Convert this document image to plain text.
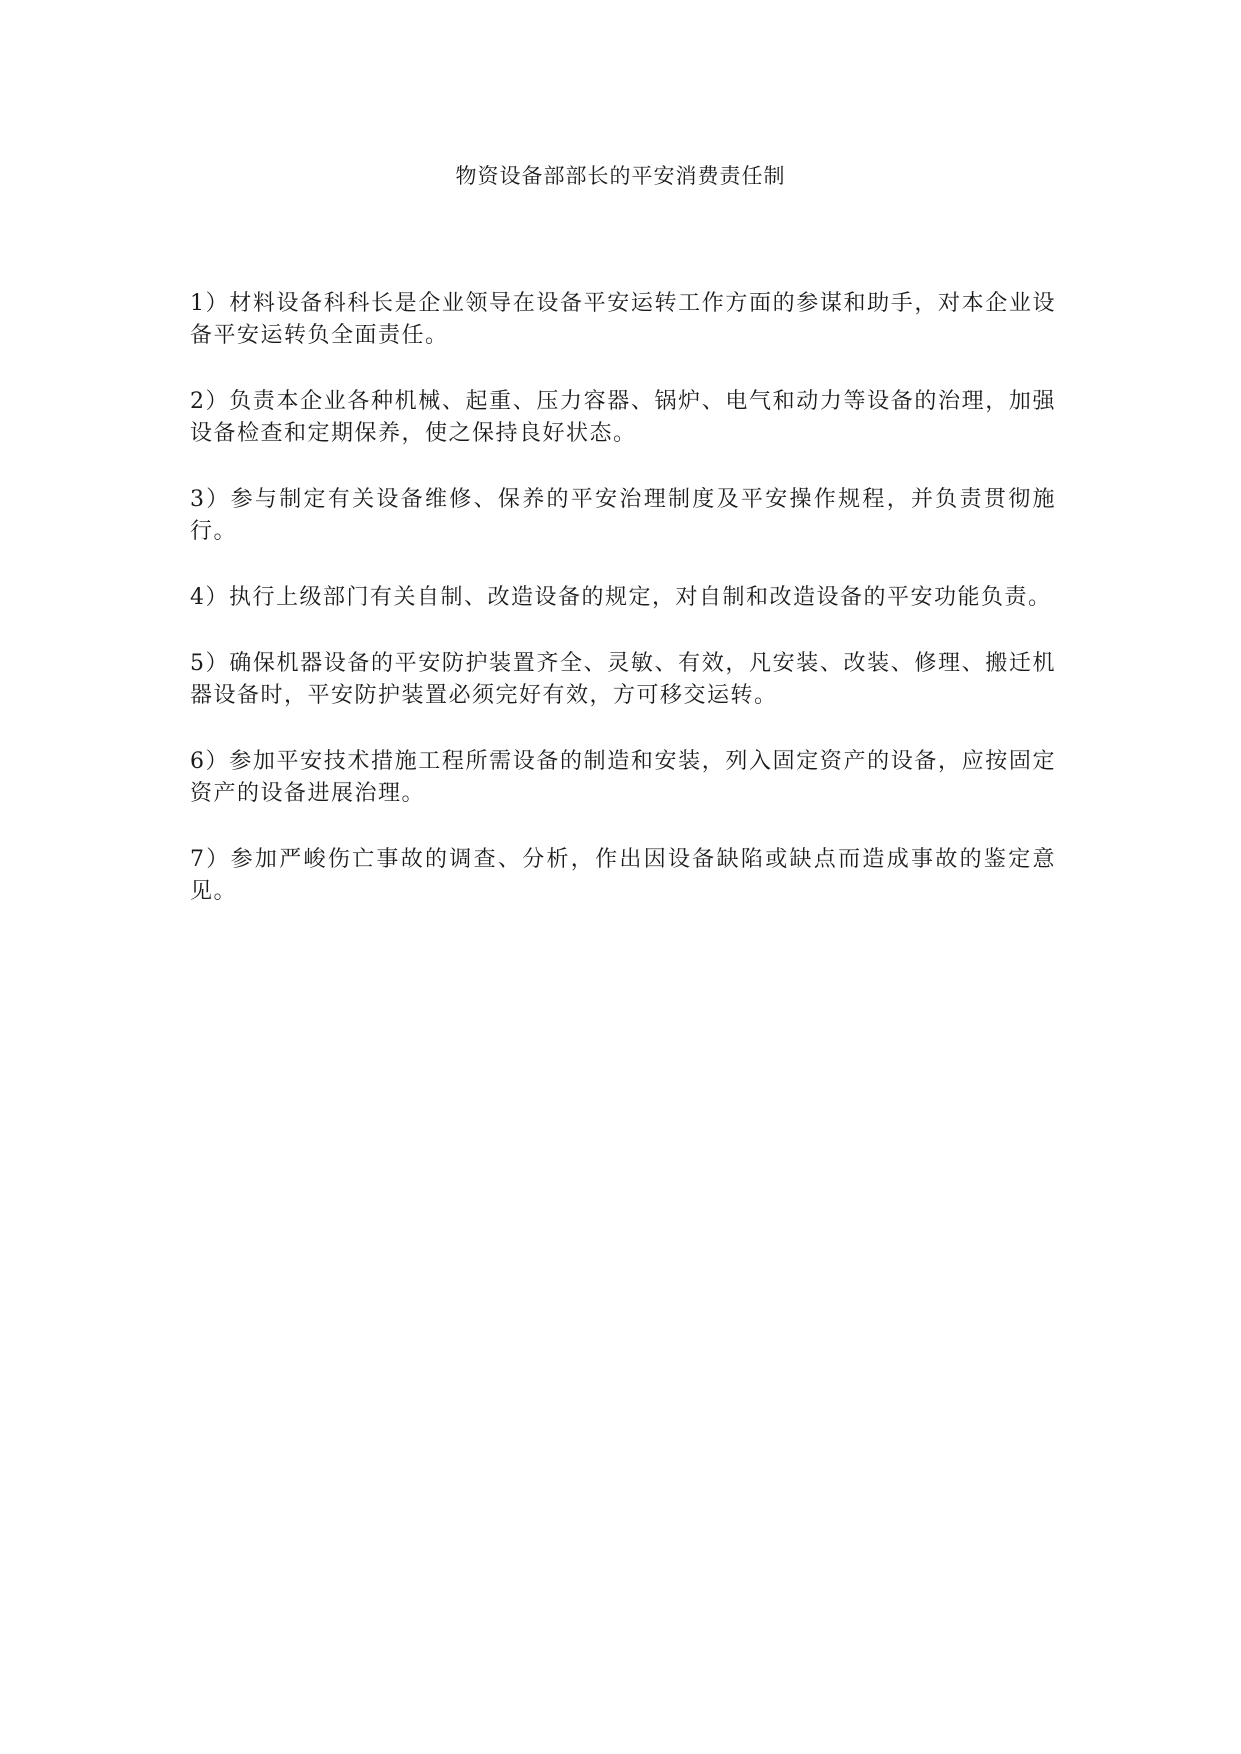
物资设备部部长的平安消费责任制
1）材料设备科科长是企业领导在设备平安运转工作方面的参谋和助手，对本企业设备平安运转负全面责任。
2）负责本企业各种机械、起重、压力容器、锅炉、电气和动力等设备的治理，加强设备检查和定期保养，使之保持良好状态。
3）参与制定有关设备维修、保养的平安治理制度及平安操作规程，并负责贯彻施行。
4）执行上级部门有关自制、改造设备的规定，对自制和改造设备的平安功能负责。
5）确保机器设备的平安防护装置齐全、灵敏、有效，凡安装、改装、修理、搬迁机器设备时，平安防护装置必须完好有效，方可移交运转。
6）参加平安技术措施工程所需设备的制造和安装，列入固定资产的设备，应按固定资产的设备进展治理。
7）参加严峻伤亡事故的调查、分析，作出因设备缺陷或缺点而造成事故的鉴定意见。
